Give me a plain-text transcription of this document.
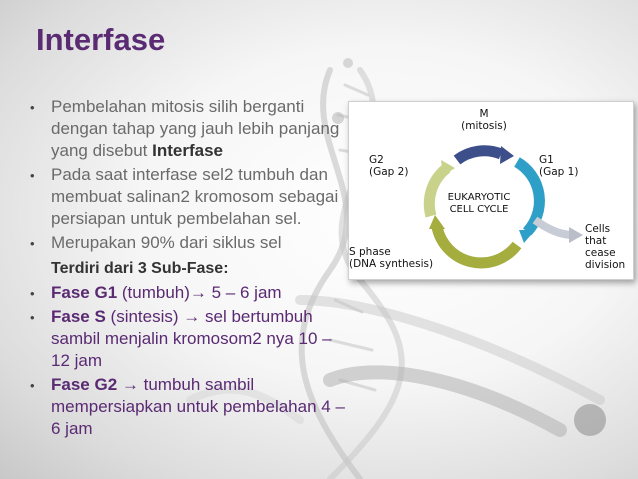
Interfase
• Pembelahan mitosis silih berganti dengan tahap yang jauh lebih panjang yang disebut Interfase
• Pada saat interfase sel2 tumbuh dan membuat salinan2 kromosom sebagai persiapan untuk pembelahan sel.
• Merupakan 90% dari siklus sel
Terdiri dari 3 Sub-Fase:
• Fase G1 (tumbuh)→ 5 – 6 jam
• Fase S (sintesis) → sel bertumbuh sambil menjalin kromosom2 nya 10 – 12 jam
• Fase G2 → tumbuh sambil mempersiapkan untuk pembelahan 4 – 6 jam
M
(mitosis)
G1
(Gap 1)
G2
(Gap 2)
EUKARYOTIC
CELL CYCLE
Cells that
cease
division
S phase
(DNA synthesis)
